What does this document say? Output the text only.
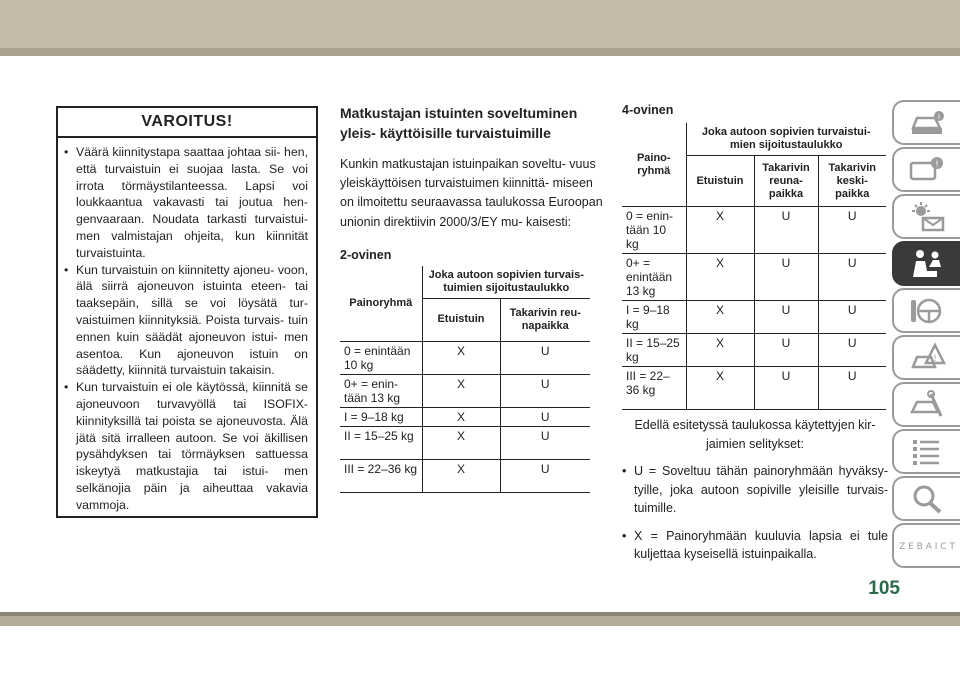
VAROITUS!
• Väärä kiinnitystapa saattaa johtaa sii- hen, että turvaistuin ei suojaa lasta. Se voi irrota törmäystilanteessa. Lapsi voi loukkaantua vakavasti tai joutua hen- genvaaraan. Noudata tarkasti turvaistui- men valmistajan ohjeita, kun kiinnität turvaistuinta.
• Kun turvaistuin on kiinnitetty ajoneu- voon, älä siirrä ajoneuvon istuinta eteen- tai taaksepäin, sillä se voi löysätä tur- vaistuimen kiinnityksiä. Poista turvais- tuin ennen kuin säädät ajoneuvon istui- men asentoa. Kun ajoneuvon istuin on säädetty, kiinnitä turvaistuin takaisin.
• Kun turvaistuin ei ole käytössä, kiinnitä se ajoneuvoon turvavyöllä tai ISOFIX- kiinnityksillä tai poista se ajoneuvosta. Älä jätä sitä irralleen autoon. Se voi äkillisen pysähdyksen tai törmäyksen sattuessa iskeytyä matkustajia tai istui- men selkänojia päin ja aiheuttaa vakavia vammoja.

Matkustajan istuinten soveltuminen yleis- käyttöisille turvaistuimille

Kunkin matkustajan istuinpaikan soveltu- vuus yleiskäyttöisen turvaistuimen kiinnittä- miseen on ilmoitettu seuraavassa taulukossa Euroopan unionin direktiivin 2000/3/EY mu- kaisesti:

2-ovinen
Painoryhmä	Joka autoon sopivien turvais- tuimien sijoitustaulukko	
	Etuistuin	Takarivin reu- napaikka
0 = enintään 10 kg	X	U
0+ = enin- tään 13 kg	X	U
I = 9–18 kg	X	U
II = 15–25 kg	X	U
III = 22–36 kg	X	U
4-ovinen
Paino- ryhmä	Joka autoon sopivien turvaistui- mien sijoitustaulukko		
	Etuistuin	Takarivin reuna- paikka	Takarivin keski- paikka
0 = enin- tään 10 kg	X	U	U
0+ = enintään 13 kg	X	U	U
I = 9–18 kg	X	U	U
II = 15–25 kg	X	U	U
III = 22–36 kg	X	U	U

Edellä esitetyssä taulukossa käytettyjen kir- jaimien selitykset:

• U = Soveltuu tähän painoryhmään hyväksy- tyille, joka autoon sopiville yleisille turvais- tuimille.
• X = Painoryhmään kuuluvia lapsia ei tule kuljettaa kyseisellä istuinpaikalla.
i
!
!
Z E B A I C T
105
